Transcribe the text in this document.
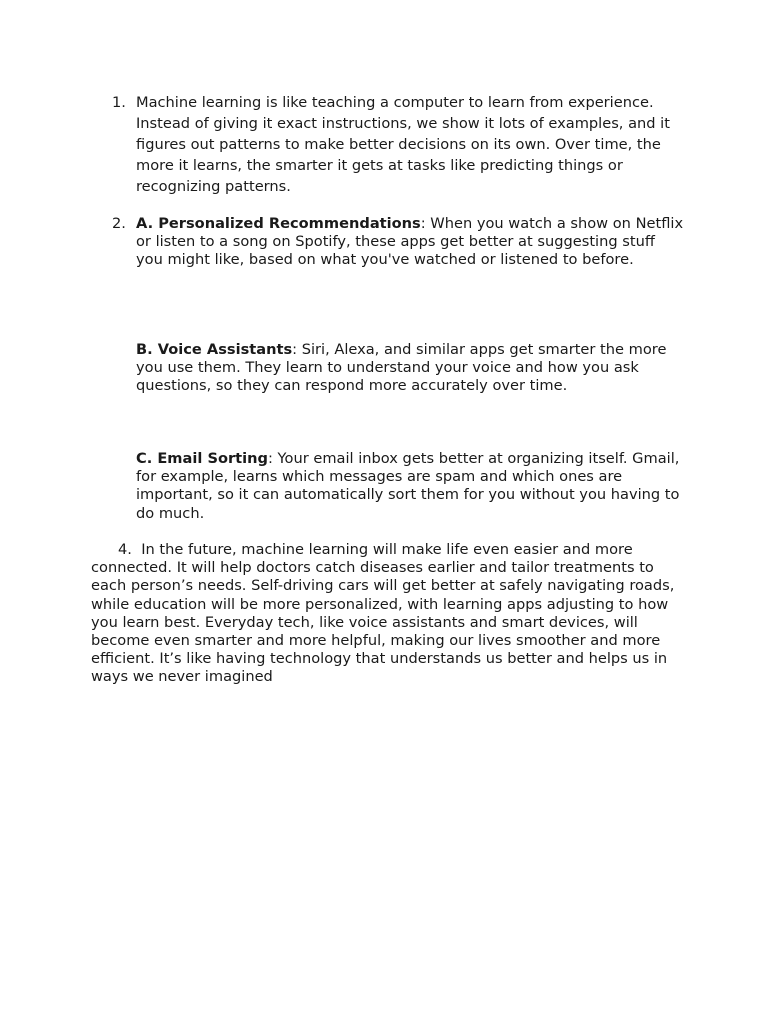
1. Machine learning is like teaching a computer to learn from experience. Instead of giving it exact instructions, we show it lots of examples, and it figures out patterns to make better decisions on its own. Over time, the more it learns, the smarter it gets at tasks like predicting things or recognizing patterns.
2. A. Personalized Recommendations: When you watch a show on Netflix or listen to a song on Spotify, these apps get better at suggesting stuff you might like, based on what you've watched or listened to before.
B. Voice Assistants: Siri, Alexa, and similar apps get smarter the more you use them. They learn to understand your voice and how you ask questions, so they can respond more accurately over time.
C. Email Sorting: Your email inbox gets better at organizing itself. Gmail, for example, learns which messages are spam and which ones are important, so it can automatically sort them for you without you having to do much.
4. In the future, machine learning will make life even easier and more connected. It will help doctors catch diseases earlier and tailor treatments to each person’s needs. Self-driving cars will get better at safely navigating roads, while education will be more personalized, with learning apps adjusting to how you learn best. Everyday tech, like voice assistants and smart devices, will become even smarter and more helpful, making our lives smoother and more efficient. It’s like having technology that understands us better and helps us in ways we never imagined
